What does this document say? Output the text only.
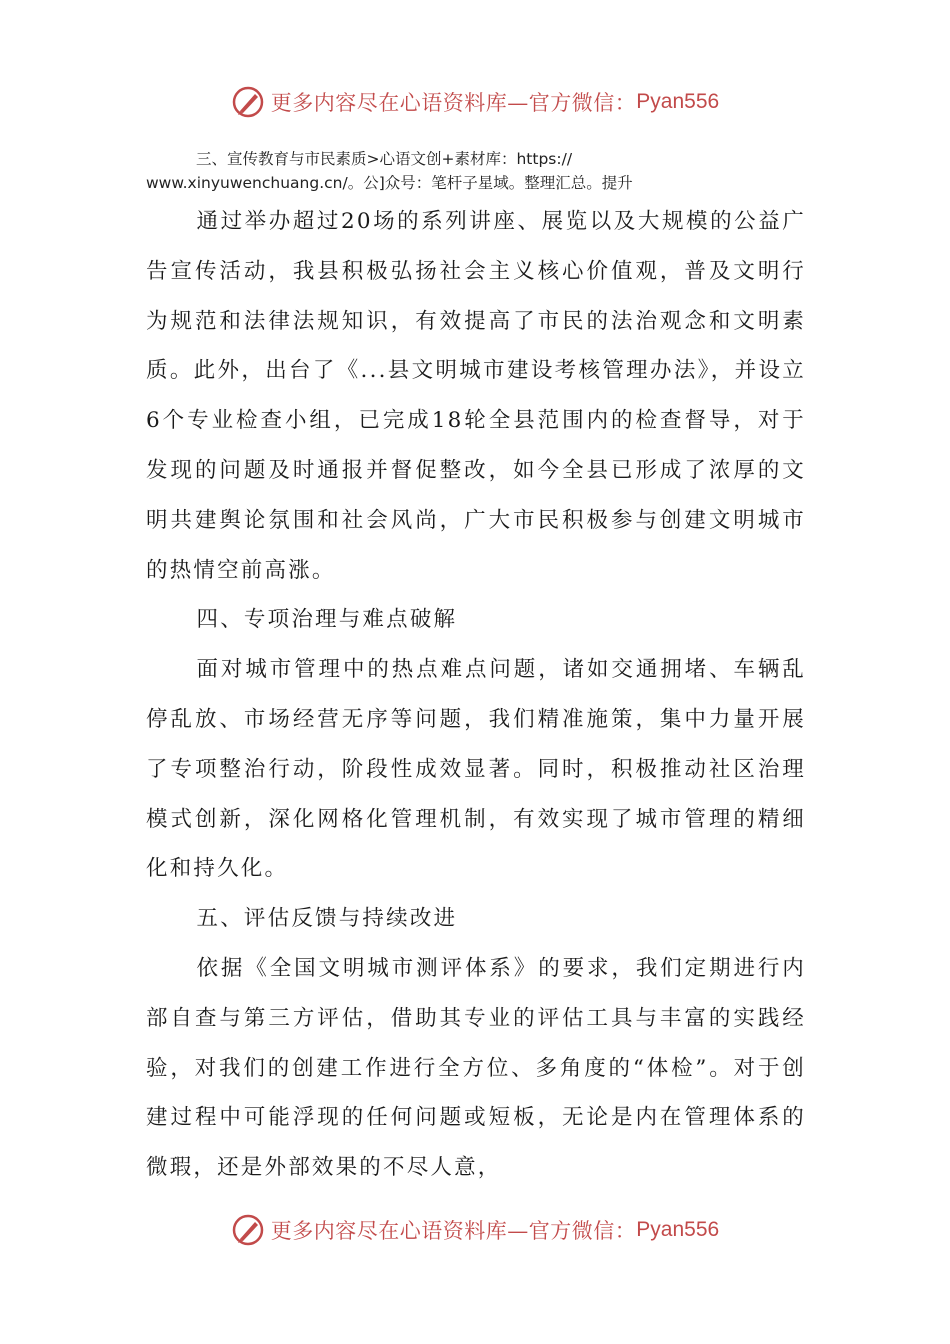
更多内容尽在心语资料库—官方微信： Pyan556
三、宣传教育与市民素质>心语文创+素材库：https://
www.xinyuwenchuang.cn/。公]众号：笔杆子星域。整理汇总。提升

通过举办超过20场的系列讲座、展览以及大规模的公益广告宣传活动，我县积极弘扬社会主义核心价值观，普及文明行为规范和法律法规知识，有效提高了市民的法治观念和文明素质。此外，出台了《...县文明城市建设考核管理办法》，并设立6个专业检查小组，已完成18轮全县范围内的检查督导，对于发现的问题及时通报并督促整改，如今全县已形成了浓厚的文明共建舆论氛围和社会风尚，广大市民积极参与创建文明城市的热情空前高涨。

四、专项治理与难点破解

面对城市管理中的热点难点问题，诸如交通拥堵、车辆乱停乱放、市场经营无序等问题，我们精准施策，集中力量开展了专项整治行动，阶段性成效显著。同时，积极推动社区治理模式创新，深化网格化管理机制，有效实现了城市管理的精细化和持久化。

五、评估反馈与持续改进

依据《全国文明城市测评体系》的要求，我们定期进行内部自查与第三方评估，借助其专业的评估工具与丰富的实践经验，对我们的创建工作进行全方位、多角度的“体检”。对于创建过程中可能浮现的任何问题或短板，无论是内在管理体系的微瑕，还是外部效果的不尽人意，

更多内容尽在心语资料库—官方微信： Pyan556
